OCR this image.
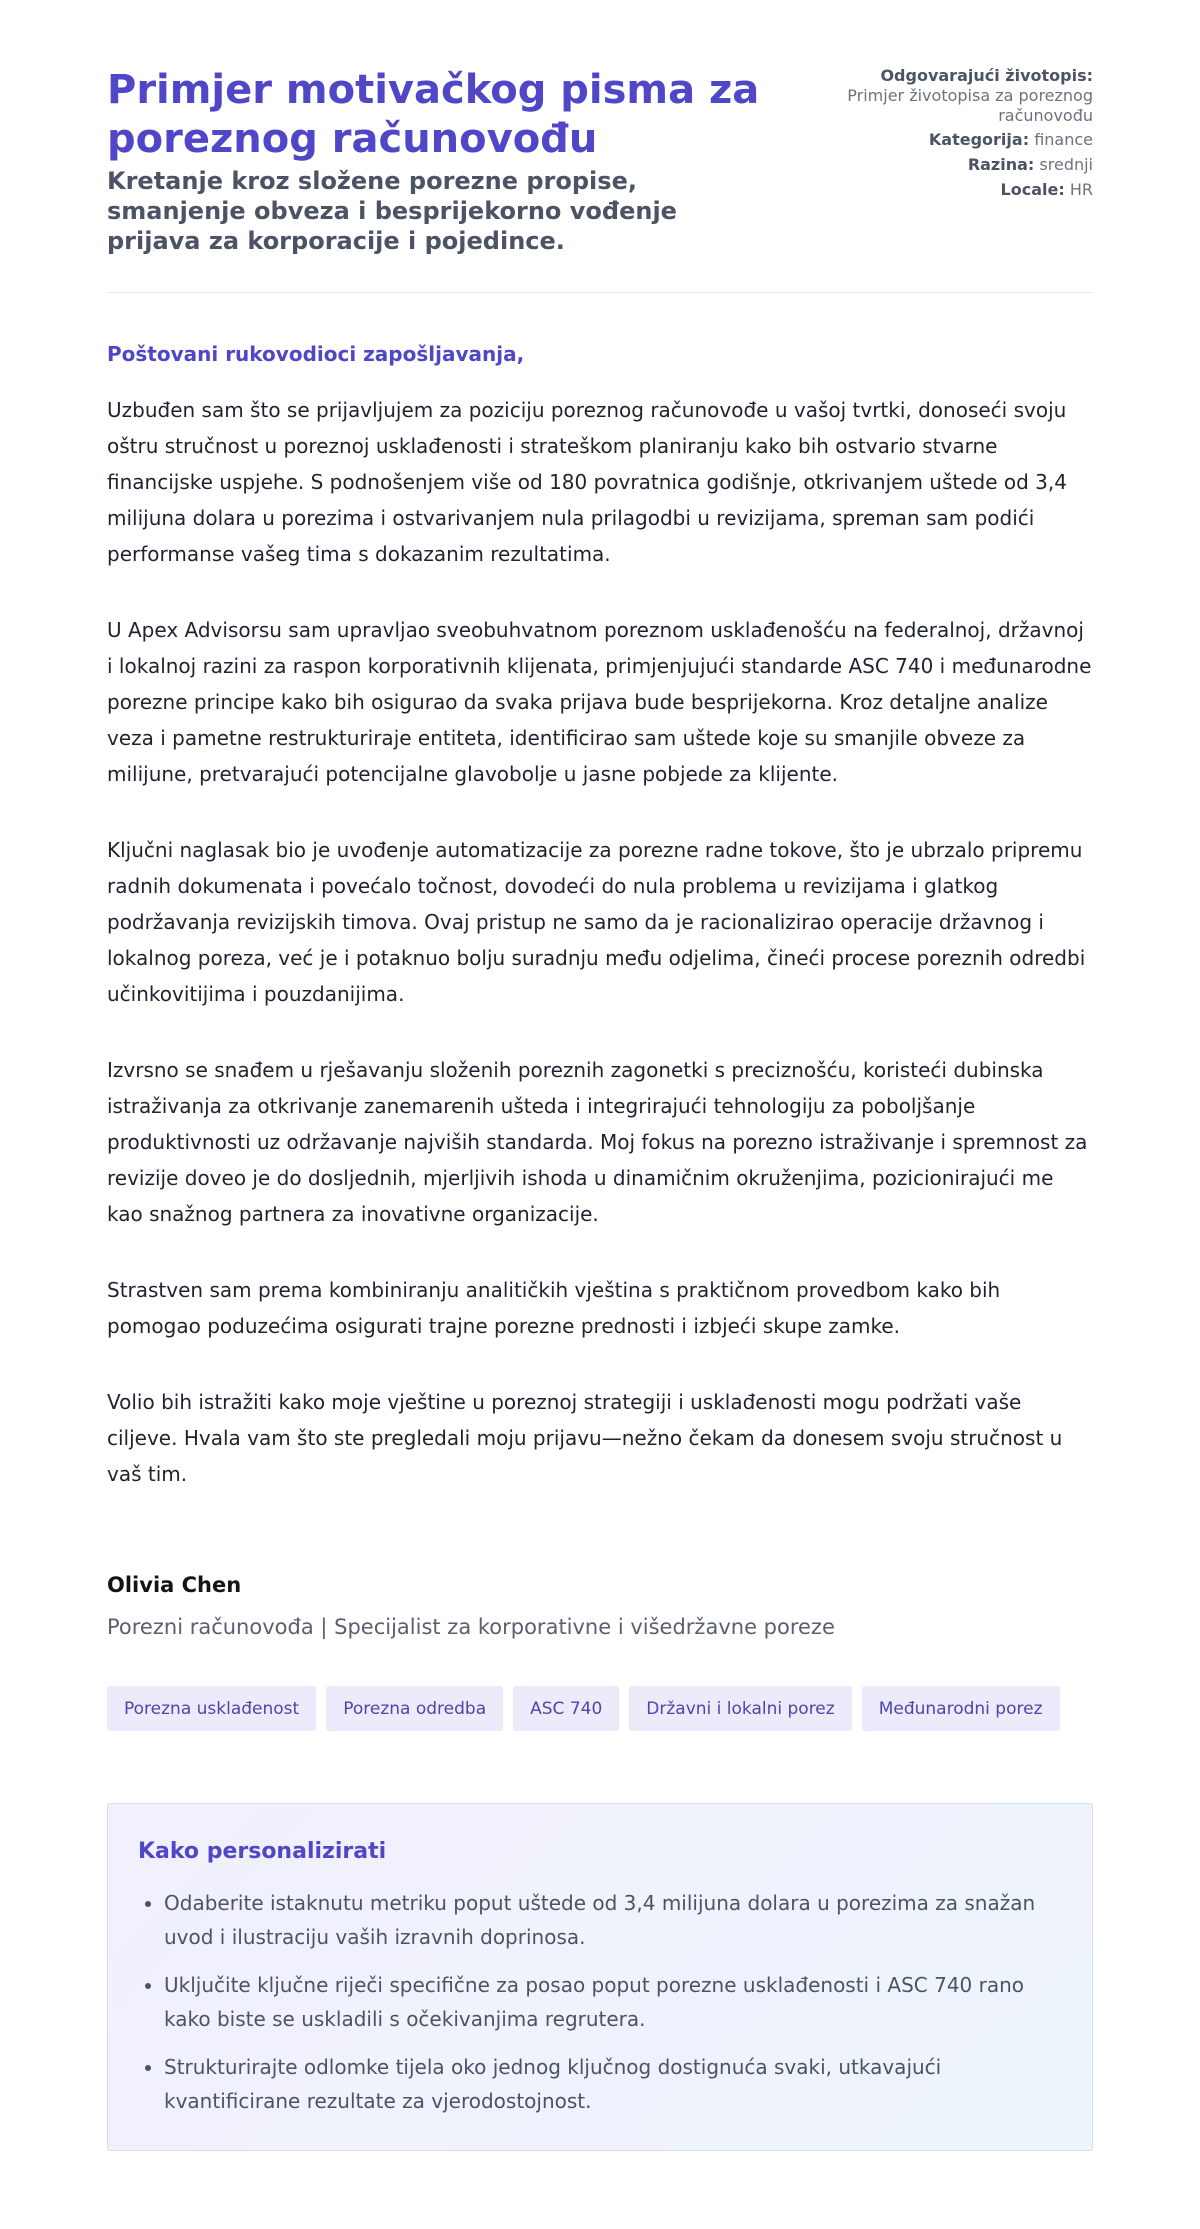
Primjer motivačkog pisma za poreznog računovođu
Kretanje kroz složene porezne propise, smanjenje obveza i besprijekorno vođenje prijava za korporacije i pojedince.
Odgovarajući životopis:
Primjer životopisa za poreznog računovođu
Kategorija: finance
Razina: srednji
Locale: HR

Poštovani rukovodioci zapošljavanja,

Uzbuđen sam što se prijavljujem za poziciju poreznog računovođe u vašoj tvrtki, donoseći svoju oštru stručnost u poreznoj usklađenosti i strateškom planiranju kako bih ostvario stvarne financijske uspjehe. S podnošenjem više od 180 povratnica godišnje, otkrivanjem uštede od 3,4 milijuna dolara u porezima i ostvarivanjem nula prilagodbi u revizijama, spreman sam podići performanse vašeg tima s dokazanim rezultatima.

U Apex Advisorsu sam upravljao sveobuhvatnom poreznom usklađenošću na federalnoj, državnoj i lokalnoj razini za raspon korporativnih klijenata, primjenjujući standarde ASC 740 i međunarodne porezne principe kako bih osigurao da svaka prijava bude besprijekorna. Kroz detaljne analize veza i pametne restrukturiraje entiteta, identificirao sam uštede koje su smanjile obveze za milijune, pretvarajući potencijalne glavobolje u jasne pobjede za klijente.

Ključni naglasak bio je uvođenje automatizacije za porezne radne tokove, što je ubrzalo pripremu radnih dokumenata i povećalo točnost, dovodeći do nula problema u revizijama i glatkog podržavanja revizijskih timova. Ovaj pristup ne samo da je racionalizirao operacije državnog i lokalnog poreza, već je i potaknuo bolju suradnju među odjelima, čineći procese poreznih odredbi učinkovitijima i pouzdanijima.

Izvrsno se snađem u rješavanju složenih poreznih zagonetki s preciznošću, koristeći dubinska istraživanja za otkrivanje zanemarenih ušteda i integrirajući tehnologiju za poboljšanje produktivnosti uz održavanje najviših standarda. Moj fokus na porezno istraživanje i spremnost za revizije doveo je do dosljednih, mjerljivih ishoda u dinamičnim okruženjima, pozicionirajući me kao snažnog partnera za inovativne organizacije.

Strastven sam prema kombiniranju analitičkih vještina s praktičnom provedbom kako bih pomogao poduzećima osigurati trajne porezne prednosti i izbjeći skupe zamke.

Volio bih istražiti kako moje vještine u poreznoj strategiji i usklađenosti mogu podržati vaše ciljeve. Hvala vam što ste pregledali moju prijavu—nežno čekam da donesem svoju stručnost u vaš tim.

Olivia Chen

Porezni računovođa | Specijalist za korporativne i višedržavne poreze

Porezna usklađenost	Porezna odredba	ASC 740	Državni i lokalni porez	Međunarodni porez
Kako personalizirati
• Odaberite istaknutu metriku poput uštede od 3,4 milijuna dolara u porezima za snažan uvod i ilustraciju vaših izravnih doprinosa.
• Uključite ključne riječi specifične za posao poput porezne usklađenosti i ASC 740 rano kako biste se uskladili s očekivanjima regrutera.
• Strukturirajte odlomke tijela oko jednog ključnog dostignuća svaki, utkavajući kvantificirane rezultate za vjerodostojnost.
